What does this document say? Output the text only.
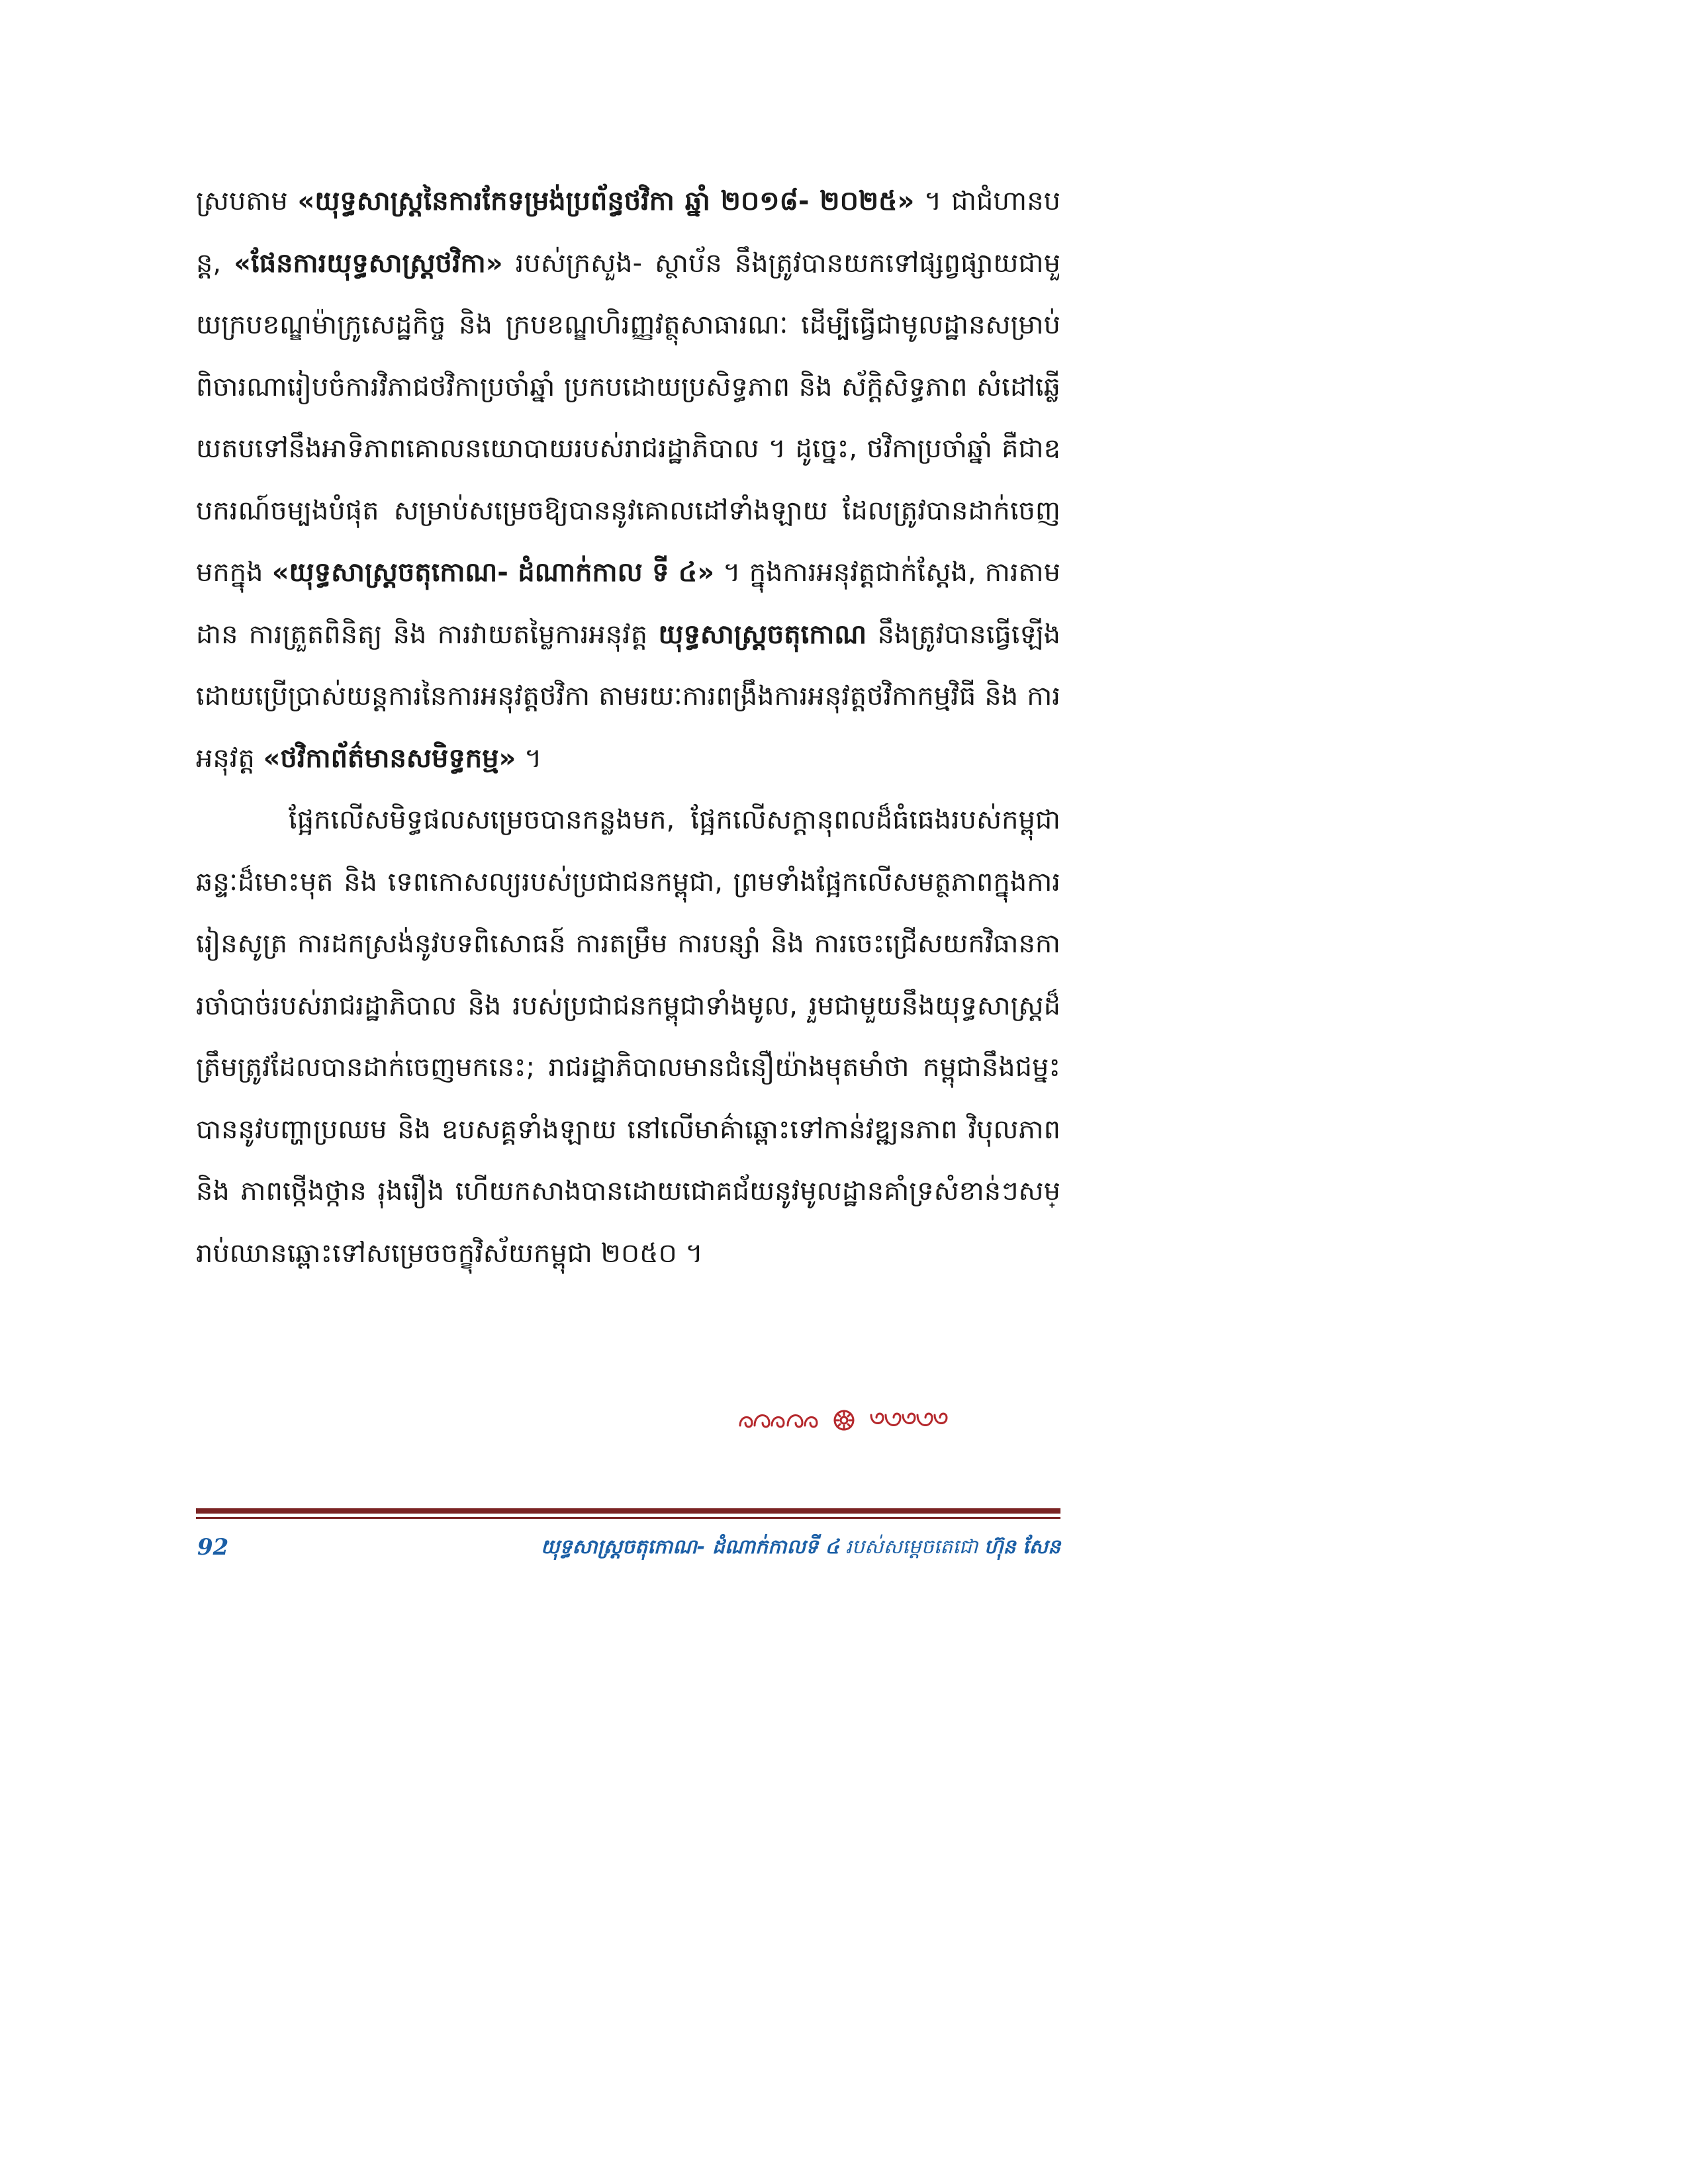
ស្របតាម «យុទ្ធសាស្ត្រនៃការកែទម្រង់ប្រព័ន្ធថវិកា ឆ្នាំ ២០១៨- ២០២៥» ។ ជាជំហានបន្ត, «ផែនការយុទ្ធសាស្ត្រថវិកា» របស់ក្រសួង- ស្ថាប័ន នឹងត្រូវបានយកទៅផ្សព្វផ្សាយជាមួយក្របខណ្ឌម៉ាក្រូសេដ្ឋកិច្ច និង ក្របខណ្ឌហិរញ្ញវត្ថុសាធារណៈ ដើម្បីធ្វើជាមូលដ្ឋានសម្រាប់ពិចារណារៀបចំការវិភាជថវិកាប្រចាំឆ្នាំ ប្រកបដោយប្រសិទ្ធភាព និង ស័ក្តិសិទ្ធភាព សំដៅឆ្លើយតបទៅនឹងអាទិភាពគោលនយោបាយរបស់រាជរដ្ឋាភិបាល ។ ដូច្នេះ, ថវិកាប្រចាំឆ្នាំ គឺជាឧបករណ៍ចម្បងបំផុត សម្រាប់សម្រេចឱ្យបាននូវគោលដៅទាំងឡាយ ដែលត្រូវបានដាក់ចេញមកក្នុង «យុទ្ធសាស្ត្រចតុកោណ- ដំណាក់កាល ទី ៤» ។ ក្នុងការអនុវត្តជាក់ស្តែង, ការតាមដាន ការត្រួតពិនិត្យ និង ការវាយតម្លៃការអនុវត្ត យុទ្ធសាស្ត្រចតុកោណ នឹងត្រូវបានធ្វើឡើង ដោយប្រើប្រាស់យន្តការនៃការអនុវត្តថវិកា តាមរយៈការពង្រឹងការអនុវត្តថវិកាកម្មវិធី និង ការអនុវត្ត «ថវិកាព័ត៌មានសមិទ្ធកម្ម» ។

ផ្អែកលើសមិទ្ធផលសម្រេចបានកន្លងមក, ផ្អែកលើសក្តានុពលដ៏ធំធេងរបស់កម្ពុជា ឆន្ទៈដ៏មោះមុត និង ទេពកោសល្យរបស់ប្រជាជនកម្ពុជា, ព្រមទាំងផ្អែកលើសមត្ថភាពក្នុងការរៀនសូត្រ ការដកស្រង់នូវបទពិសោធន៍ ការតម្រឹម ការបន្សាំ និង ការចេះជ្រើសយកវិធានការចាំបាច់របស់រាជរដ្ឋាភិបាល និង របស់ប្រជាជនកម្ពុជាទាំងមូល, រួមជាមួយនឹងយុទ្ធសាស្ត្រដ៏ត្រឹមត្រូវដែលបានដាក់ចេញមកនេះ; រាជរដ្ឋាភិបាលមានជំនឿយ៉ាងមុតមាំថា កម្ពុជានឹងជម្នះបាននូវបញ្ហាប្រឈម និង ឧបសគ្គទាំងឡាយ នៅលើមាគ៌ាឆ្ពោះទៅកាន់វឌ្ឍនភាព វិបុលភាព និង ភាពថ្កើងថ្កាន រុងរឿង ហើយកសាងបានដោយជោគជ័យនូវមូលដ្ឋានគាំទ្រសំខាន់ៗសម្រាប់ឈានឆ្ពោះទៅសម្រេចចក្ខុវិស័យកម្ពុជា ២០៥០ ។

92	យុទ្ធសាស្ត្រចតុកោណ- ដំណាក់កាលទី ៤ របស់សម្តេចតេជោ ហ៊ុន សែន
